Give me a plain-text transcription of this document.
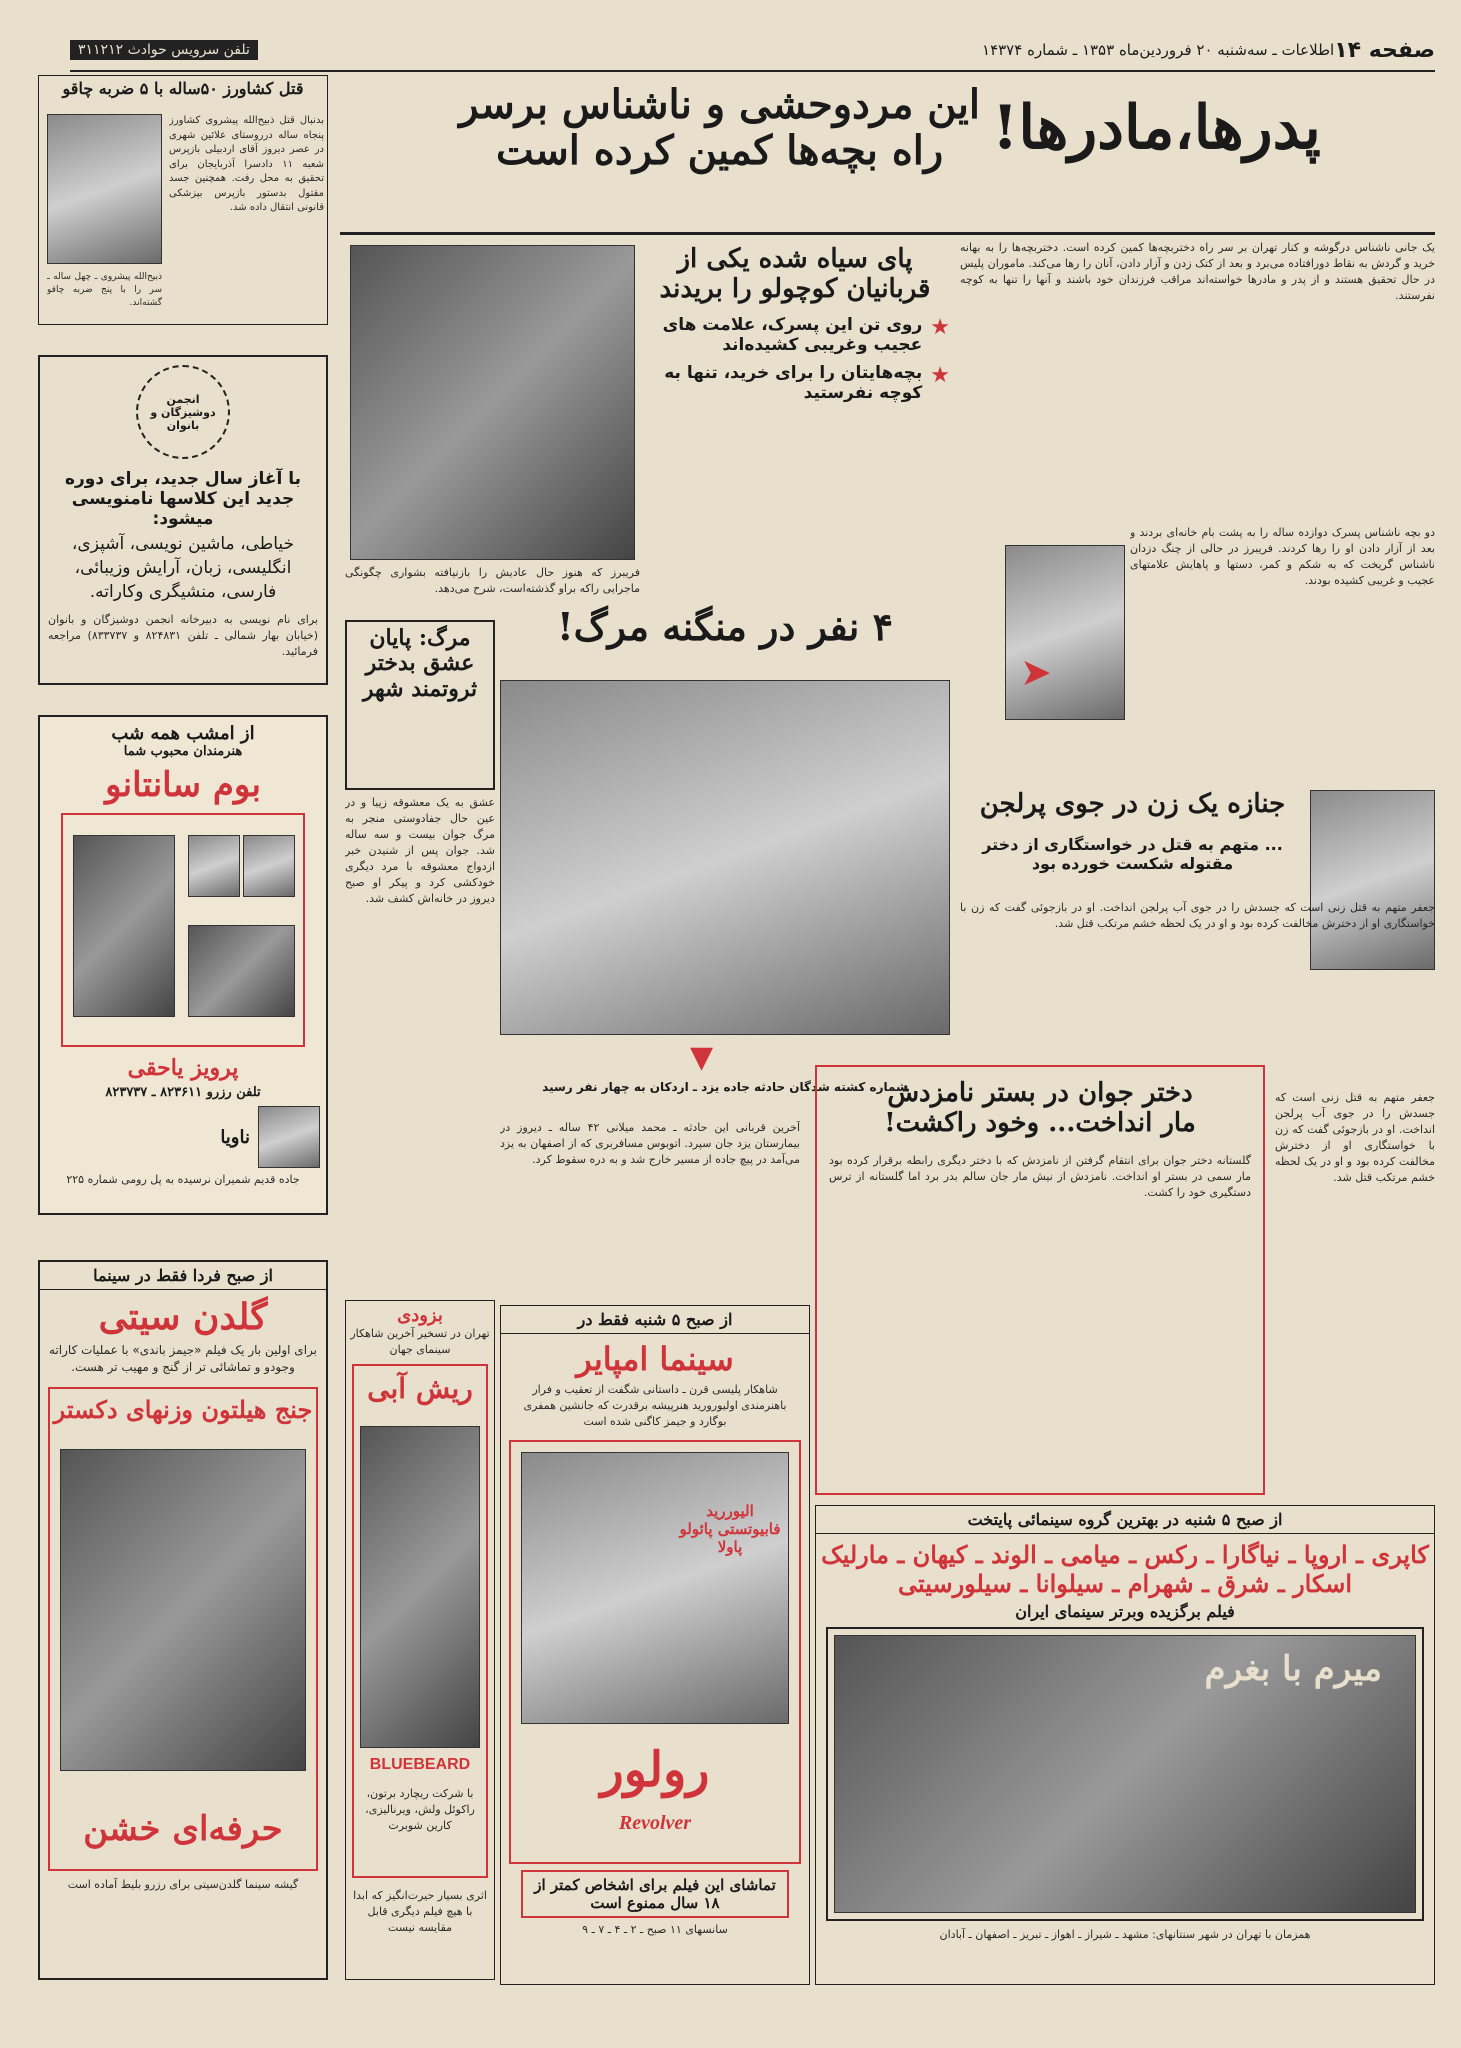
صفحه ۱۴
اطلاعات ـ سه‌شنبه ۲۰ فروردین‌ماه ۱۳۵۳ ـ شماره ۱۴۳۷۴
تلفن سرویس حوادث ۳۱۱۲۱۲
پدرها،مادرها!
این مردوحشی و ناشناس برسر
راه بچه‌ها کمین کرده است
یک جانی ناشناس درگوشه و کنار تهران بر سر راه دختربچه‌ها کمین کرده است. دختربچه‌ها را به بهانه خرید و گردش به نقاط دورافتاده می‌برد و بعد از کتک زدن و آزار دادن، آنان را رها می‌کند. ماموران پلیس در حال تحقیق هستند و از پدر و مادرها خواسته‌اند مراقب فرزندان خود باشند و آنها را تنها به کوچه نفرستند.
پای سیاه شده یکی از
قربانیان کوچولو را بریدند
★
روی تن این پسرک، علامت های عجیب وغریبی کشیده‌اند
★
بچه‌هایتان را برای خرید، تنها به کوچه نفرستید
فریبرز که هنوز حال عادیش را بازنیافته بشواری چگونگی ماجرایی راکه براو گذشته‌است، شرح می‌دهد.
دو بچه ناشناس پسرک دوازده ساله را به پشت بام خانه‌ای بردند و بعد از آزار دادن او را رها کردند. فریبرز در حالی از چنگ دزدان ناشناس گریخت که به شکم و کمر، دستها و پاهایش علامتهای عجیب و غریبی کشیده بودند.
➤
قتل کشاورز ۵۰ساله با ۵ ضربه چاقو
بدنبال قتل ذبیح‌الله پیشروی کشاورز پنجاه ساله درروستای علائین شهری در عصر دیروز آقای اردبیلی بازپرس شعبه ۱۱ دادسرا آذربایجان برای تحقیق به محل رفت. همچنین جسد مقتول بدستور بازپرس بپزشکی قانونی انتقال داده شد.
ذبیح‌الله پیشروی ـ چهل ساله ـ سر را با پنج ضربه چاقو گشته‌اند.
انجمن دوشیزگان و بانوان
با آغاز سال جدید، برای دوره جدید این کلاسها نامنویسی میشود:
خیاطی، ماشین نویسی، آشپزی، انگلیسی، زبان، آرایش وزیبائی، فارسی، منشیگری وکاراته.
برای نام نویسی به دبیرخانه انجمن دوشیزگان و بانوان (خیابان بهار شمالی ـ تلفن ۸۲۴۸۳۱ و ۸۳۳۷۳۷) مراجعه فرمائید.
از امشب همه شب
هنرمندان محبوب شما
بوم سانتانو
پرویز یاحقی
تلفن رزرو ۸۲۳۶۱۱ ـ ۸۲۳۷۳۷
ناویا
جاده قدیم شمیران نرسیده به پل رومی شماره ۲۲۵
مرگ: پایان عشق بدختر ثروتمند شهر
عشق به یک معشوقه زیبا و در عین حال جفادوستی منجر به مرگ جوان بیست و سه ساله شد. جوان پس از شنیدن خبر ازدواج معشوقه با مرد دیگری خودکشی کرد و پیکر او صبح دیروز در خانه‌اش کشف شد.
۴ نفر در منگنه مرگ!
▼
شماره کشته شدگان حادثه جاده یزد ـ اردکان به چهار نفر رسید
آخرین قربانی این حادثه ـ محمد میلانی ۴۲ ساله ـ دیروز در بیمارستان یزد جان سپرد. اتوبوس مسافربری که از اصفهان به یزد می‌آمد در پیچ جاده از مسیر خارج شد و به دره سقوط کرد.
جنازه یک زن در جوی پرلجن
... متهم به قتل در خواستگاری از دختر مقتوله شکست خورده بود
جعفر متهم به قتل زنی است که جسدش را در جوی آب پرلجن انداخت. او در بازجوئی گفت که زن با خواستگاری او از دخترش مخالفت کرده بود و او در یک لحظه خشم مرتکب قتل شد.
دختر جوان در بستر نامزدش
مار انداخت... وخود راکشت!
گلستانه دختر جوان برای انتقام گرفتن از نامزدش که با دختر دیگری رابطه برقرار کرده بود مار سمی در بستر او انداخت. نامزدش از نیش مار جان سالم بدر برد اما گلستانه از ترس دستگیری خود را کشت.
جعفر متهم به قتل زنی است که جسدش را در جوی آب پرلجن انداخت. او در بازجوئی گفت که زن با خواستگاری او از دخترش مخالفت کرده بود و او در یک لحظه خشم مرتکب قتل شد.
از صبح فردا فقط در سینما
گلدن سیتی
برای اولین بار یک فیلم «جیمز باندی» با عملیات کاراته وجودو و تماشائی تر از گنج و مهیب تر هست.
جنج هیلتون وزنهای دکستر
حرفه‌ای خشن
گیشه سینما گلدن‌سیتی برای رزرو بلیط آماده است
بزودی
تهران در تسخیر آخرین شاهکار سینمای جهان
ریش آبی
BLUEBEARD
با شرکت ریچارد برتون، راکوئل ولش، ویرنالیزی، کارین شوبرت
اثری بسیار حیرت‌انگیز که ابدا با هیچ فیلم دیگری قابل مقایسه نیست
از صبح ۵ شنبه فقط در
سینما امپایر
شاهکار پلیسی قرن ـ داستانی شگفت از تعقیب و فرار باهنرمندی اولیورورید هنرپیشه برقدرت که جانشین همفری بوگارد و جیمز کاگنی شده است
الیوررید فابیوتستی پائولو پاولا
رولور
Revolver
تماشای این فیلم برای اشخاص کمتر از ۱۸ سال ممنوع است
سانسهای ۱۱ صبح ـ ۲ ـ ۴ ـ ۷ ـ ۹
از صبح ۵ شنبه در بهترین گروه سینمائی پایتخت
کاپری ـ اروپا ـ نیاگارا ـ رکس ـ میامی ـ الوند ـ کیهان ـ مارلیک
اسکار ـ شرق ـ شهرام ـ سیلوانا ـ سیلورسیتی
فیلم برگزیده وبرتر سینمای ایران
میرم با بغرم
همزمان با تهران در شهر سنتانهای: مشهد ـ شیراز ـ اهواز ـ تبریز ـ اصفهان ـ آبادان
